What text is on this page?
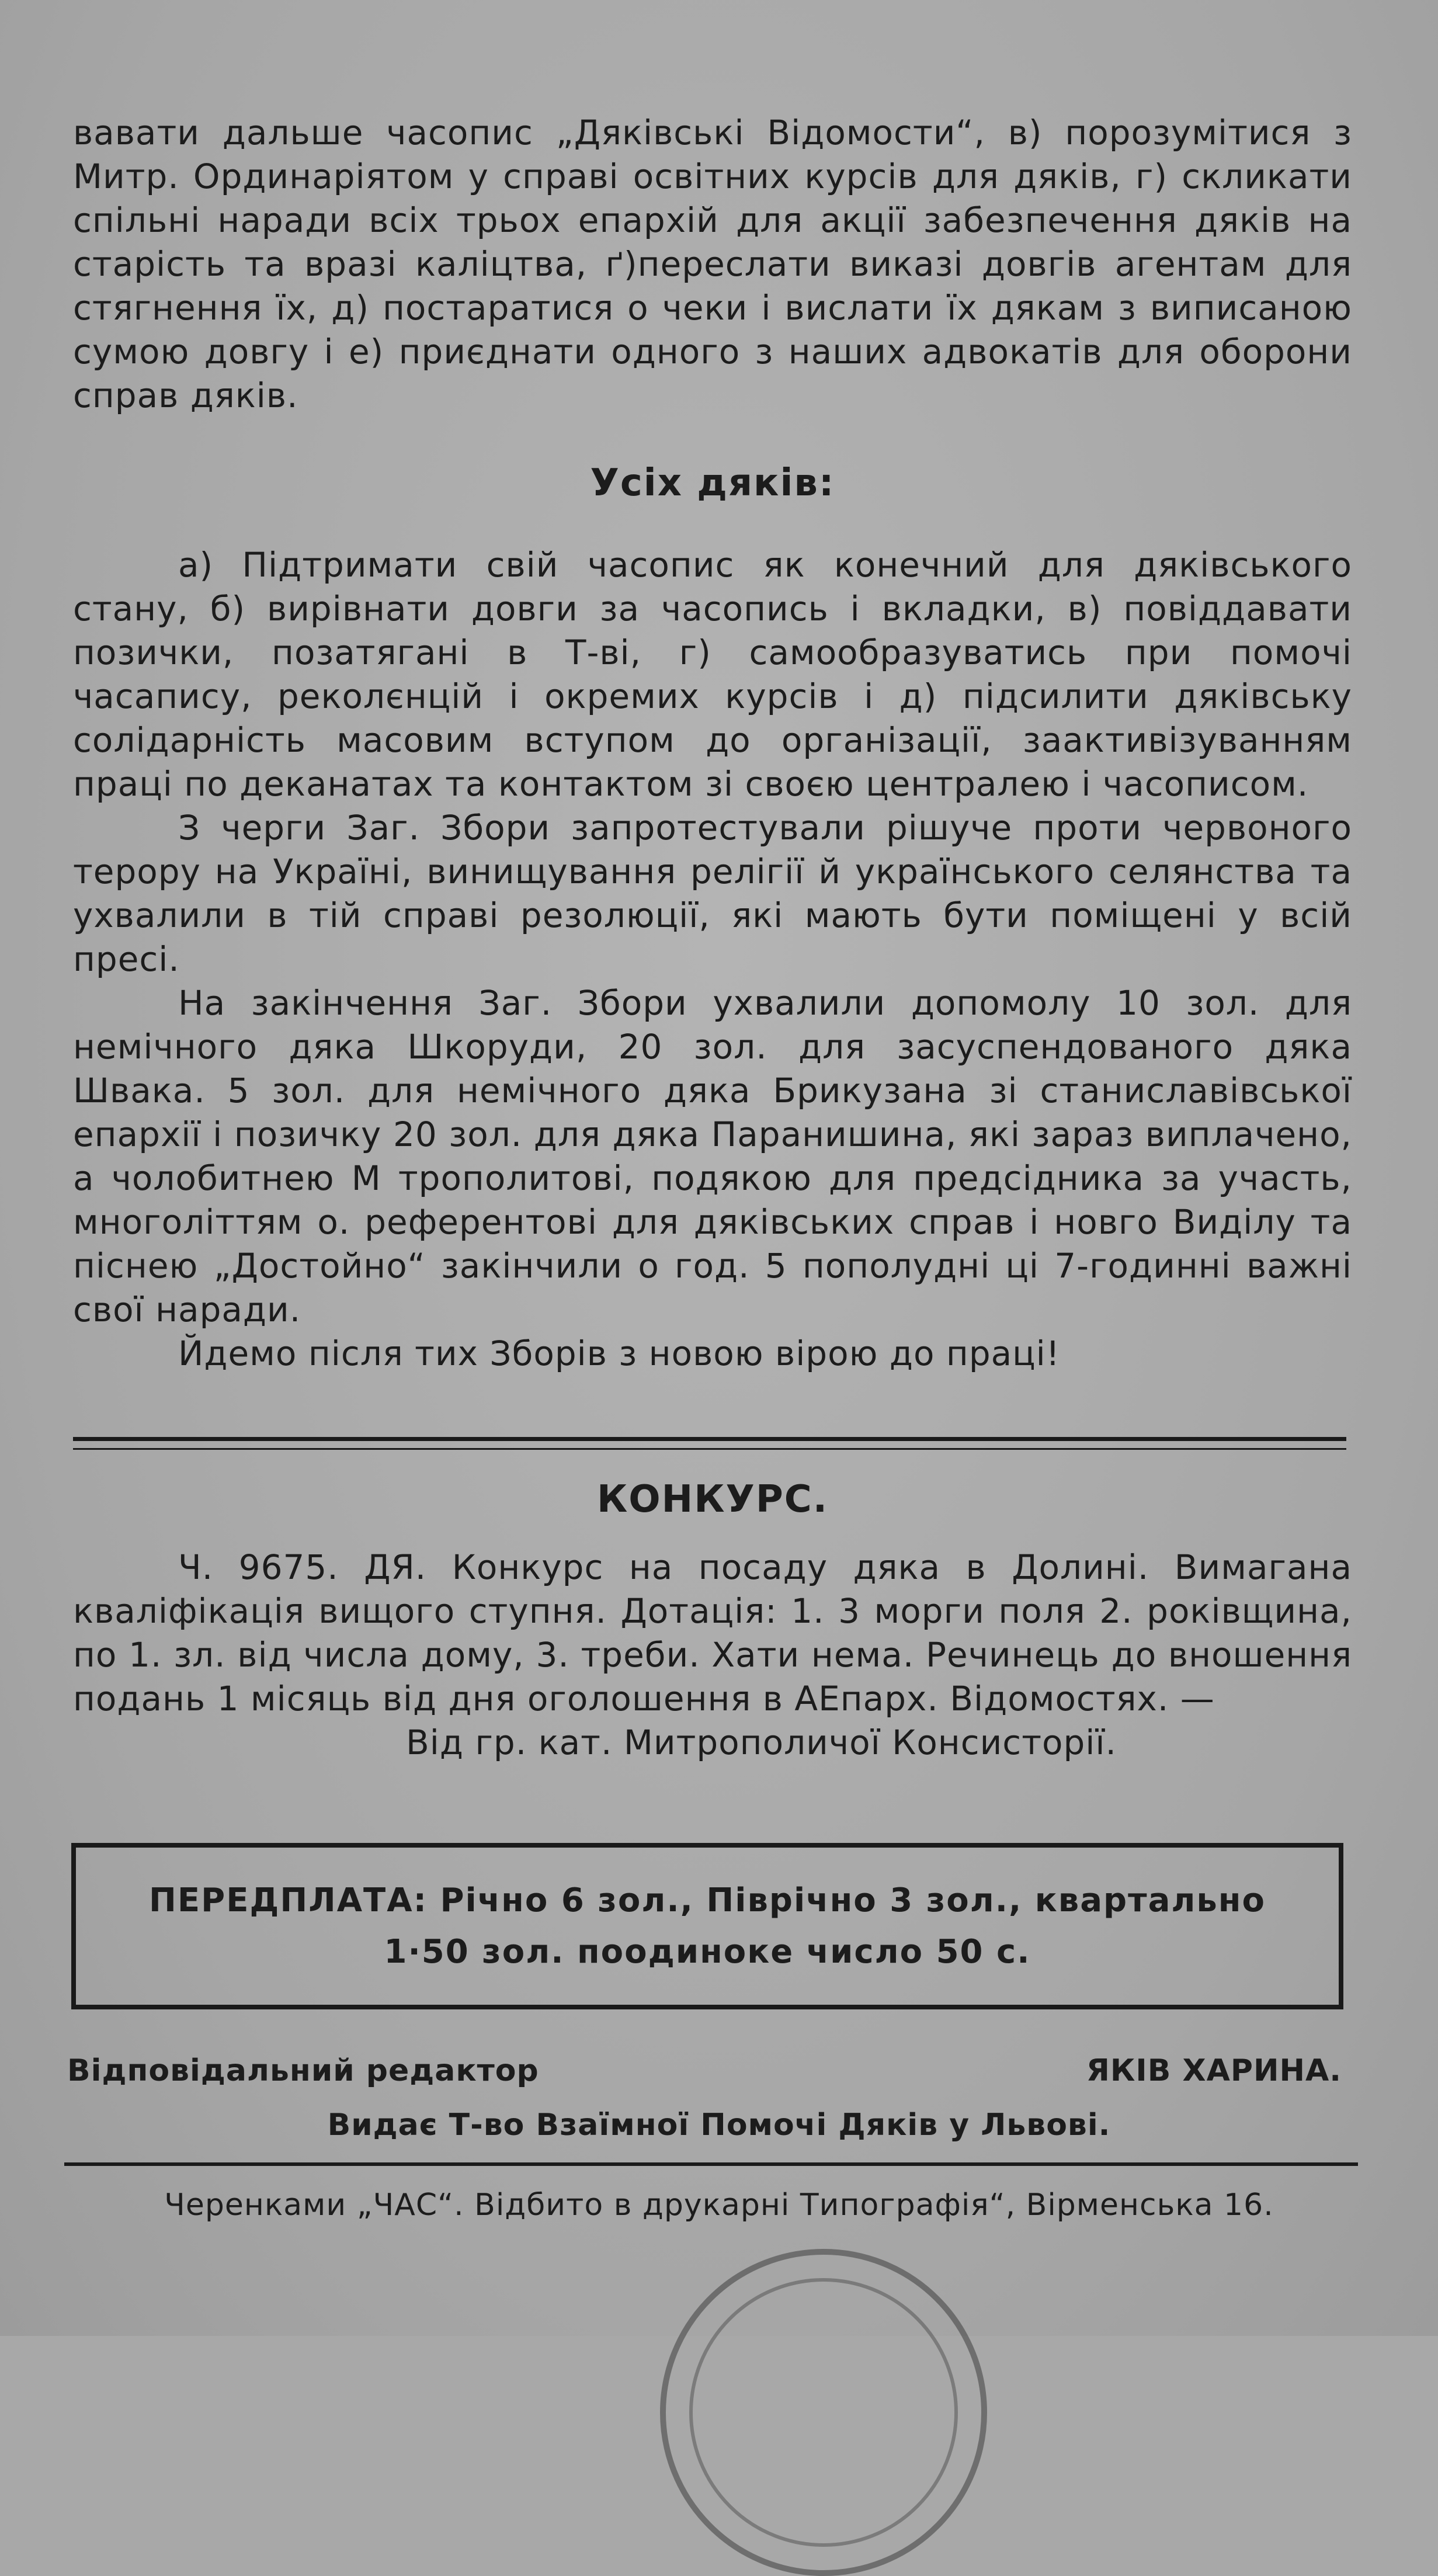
вавати дальше часопис „Дяківські Відомости“, в) порозумітися з Митр. Ординаріятом у справі освітних курсів для дяків, г) скликати спільні наради всіх трьох епархій для акції забезпечення дяків на старість та вразі каліцтва, ґ)переслати виказі довгів агентам для стягнення їх, д) постаратися о чеки і вислати їх дякам з виписаною сумою довгу і е) приєднати одного з наших адвокатів для оборони справ дяків.

Усіх дяків:

а) Підтримати свій часопис як конечний для дяківського стану, б) вирівнати довги за часопись і вкладки, в) повіддавати позички, позатягані в Т-ві, г) самообразуватись при помочі часапису, реколєнцій і окремих курсів і д) підсилити дяківську солідарність масовим вступом до організації, заактивізуванням праці по деканатах та контактом зі своєю централею і часописом.

З черги Заг. Збори запротестували рішуче проти червоного терору на Україні, винищування релігії й українського селянства та ухвалили в тій справі резолюції, які мають бути поміщені у всій пресі.

На закінчення Заг. Збори ухвалили допомолу 10 зол. для немічного дяка Шкоруди, 20 зол. для засуспендованого дяка Швака. 5 зол. для немічного дяка Брикузана зі станиславівської епархії і позичку 20 зол. для дяка Паранишина, які зараз виплачено, а чолобитнею М трополитові, подякою для предсідника за участь, многоліттям о. референтові для дяківських справ і новго Виділу та піснею „Достойно“ закінчили о год. 5 пополудні ці 7-годинні важні свої наради.

Йдемо після тих Зборів з новою вірою до праці!

КОНКУРС.

Ч. 9675. ДЯ. Конкурс на посаду дяка в Долині. Вимагана кваліфікація вищого ступня. Дотація: 1. 3 морги поля 2. роківщина, по 1. зл. від числа дому, 3. треби. Хати нема. Речинець до вношення подань 1 місяць від дня оголошення в АЕпарх. Відомостях. —

Від гр. кат. Митрополичої Консисторії.

ПЕРЕДПЛАТА: Річно 6 зол., Піврічно 3 зол., квартально 1·50 зол. поодиноке число 50 с.
Відповідальний редактор	ЯКІВ ХАРИНА.
Видає Т-во Взаїмної Помочі Дяків у Львові.
Черенками „ЧАС“. Відбито в друкарні Типографія“, Вірменська 16.
